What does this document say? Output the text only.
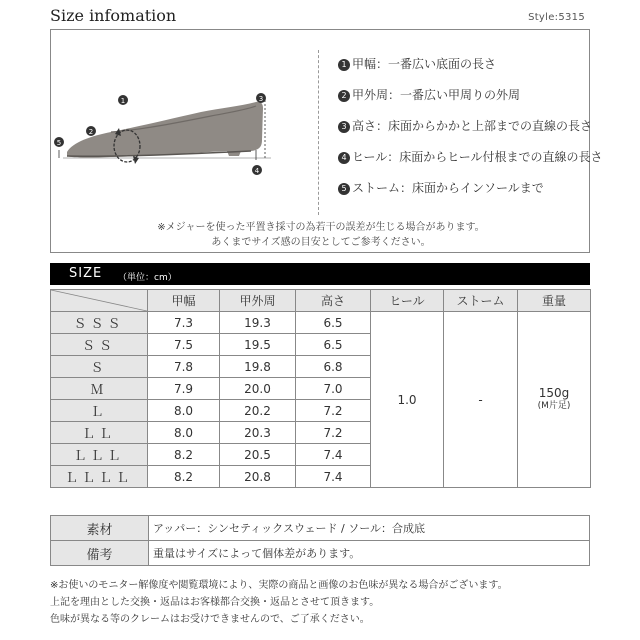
Size infomation	Style:5315
1
2
3
4
5
1 甲幅：一番広い底面の長さ
2 甲外周：一番広い甲周りの外周
3 高さ：床面からかかと上部までの直線の長さ
4 ヒール：床面からヒール付根までの直線の長さ
5 ストーム：床面からインソールまで
※メジャーを使った平置き採寸の為若干の誤差が生じる場合があります。
あくまでサイズ感の目安としてご参考ください。
SIZE （単位：cm）
	甲幅	甲外周	高さ	ヒール	ストーム	重量
ＳＳＳ	7.3	19.3	6.5	1.0	-	150g
(M片足)

ＳＳ	7.5	19.5	6.5			
Ｓ	7.8	19.8	6.8			
Ｍ	7.9	20.0	7.0			
Ｌ	8.0	20.2	7.2			
ＬＬ	8.0	20.3	7.2			
ＬＬＬ	8.2	20.5	7.4			
ＬＬＬＬ	8.2	20.8	7.4			
素材	アッパー：シンセティックスウェード / ソール：合成底
備考	重量はサイズによって個体差があります。
※お使いのモニター解像度や閲覧環境により、実際の商品と画像のお色味が異なる場合がございます。
上記を理由とした交換・返品はお客様都合交換・返品とさせて頂きます。
色味が異なる等のクレームはお受けできませんので、ご了承ください。
